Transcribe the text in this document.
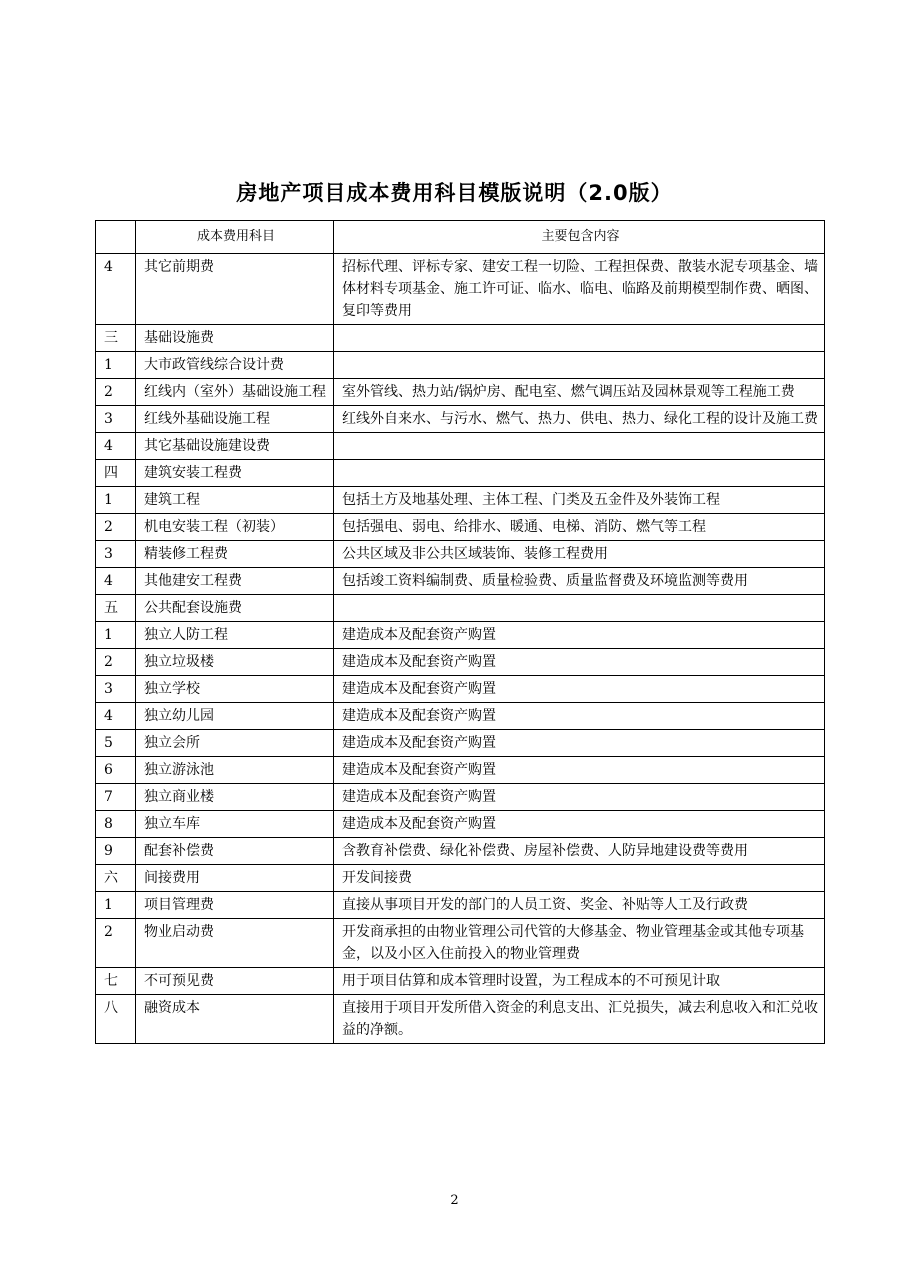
房地产项目成本费用科目模版说明（2.0版）
	成本费用科目	主要包含内容
4	其它前期费	招标代理、评标专家、建安工程一切险、工程担保费、散装水泥专项基金、墙体材料专项基金、施工许可证、临水、临电、临路及前期模型制作费、晒图、复印等费用
三	基础设施费	
1	大市政管线综合设计费	
2	红线内（室外）基础设施工程	室外管线、热力站/锅炉房、配电室、燃气调压站及园林景观等工程施工费
3	红线外基础设施工程	红线外自来水、与污水、燃气、热力、供电、热力、绿化工程的设计及施工费
4	其它基础设施建设费	
四	建筑安装工程费	
1	建筑工程	包括土方及地基处理、主体工程、门类及五金件及外装饰工程
2	机电安装工程（初装）	包括强电、弱电、给排水、暖通、电梯、消防、燃气等工程
3	精装修工程费	公共区域及非公共区域装饰、装修工程费用
4	其他建安工程费	包括竣工资料编制费、质量检验费、质量监督费及环境监测等费用
五	公共配套设施费	
1	独立人防工程	建造成本及配套资产购置
2	独立垃圾楼	建造成本及配套资产购置
3	独立学校	建造成本及配套资产购置
4	独立幼儿园	建造成本及配套资产购置
5	独立会所	建造成本及配套资产购置
6	独立游泳池	建造成本及配套资产购置
7	独立商业楼	建造成本及配套资产购置
8	独立车库	建造成本及配套资产购置
9	配套补偿费	含教育补偿费、绿化补偿费、房屋补偿费、人防异地建设费等费用
六	间接费用	开发间接费
1	项目管理费	直接从事项目开发的部门的人员工资、奖金、补贴等人工及行政费
2	物业启动费	开发商承担的由物业管理公司代管的大修基金、物业管理基金或其他专项基金，以及小区入住前投入的物业管理费
七	不可预见费	用于项目估算和成本管理时设置，为工程成本的不可预见计取
八	融资成本	直接用于项目开发所借入资金的利息支出、汇兑损失，减去利息收入和汇兑收益的净额。
2
